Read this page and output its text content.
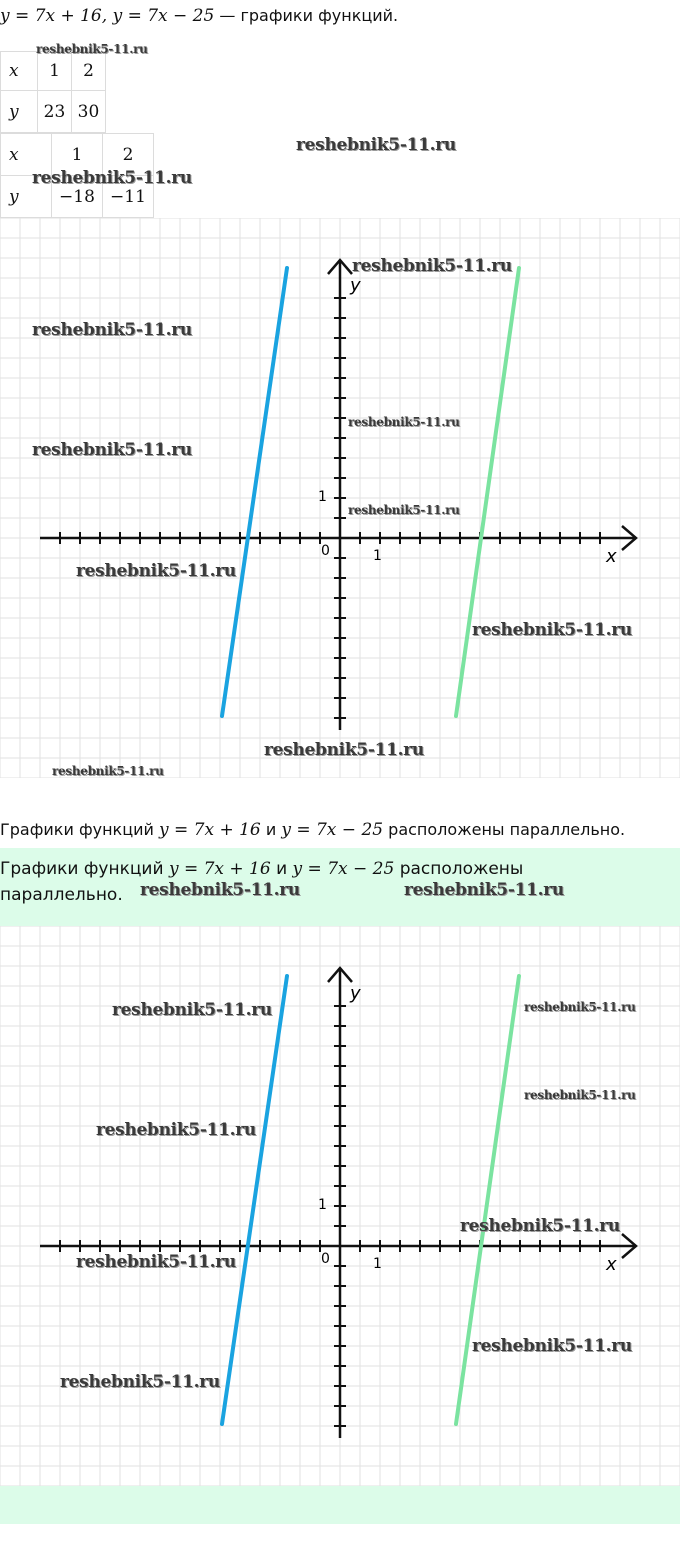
y = 7x + 16, y = 7x − 25 — графики функций.
x	1	2
y	23	30
x	1	2
y	−18	−11
x
y
0	1
1
Графики функций y = 7x + 16 и y = 7x − 25 расположены параллельно.
Графики функций y = 7x + 16 и y = 7x − 25 расположены параллельно.
x
y
0	1
1
reshebnik5-11.ru
reshebnik5-11.ru
reshebnik5-11.ru
reshebnik5-11.ru
reshebnik5-11.ru
reshebnik5-11.ru
reshebnik5-11.ru
reshebnik5-11.ru
reshebnik5-11.ru
reshebnik5-11.ru
reshebnik5-11.ru
reshebnik5-11.ru
reshebnik5-11.ru	reshebnik5-11.ru
reshebnik5-11.ru	reshebnik5-11.ru
reshebnik5-11.ru
reshebnik5-11.ru
reshebnik5-11.ru
reshebnik5-11.ru
reshebnik5-11.ru
reshebnik5-11.ru
